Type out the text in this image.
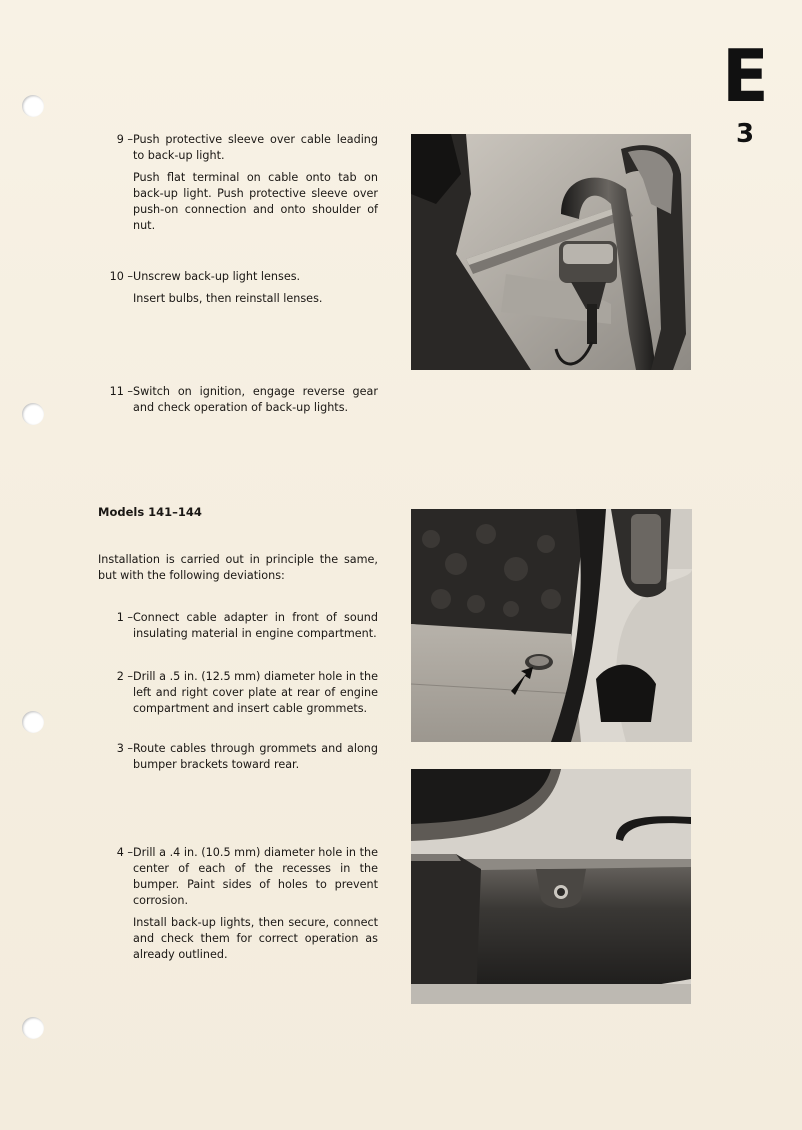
E
3
9 – Push protective sleeve over cable leading to back-up light.
Push flat terminal on cable onto tab on back-up light. Push protective sleeve over push-on connection and onto shoulder of nut.
10 – Unscrew back-up light lenses.
Insert bulbs, then reinstall lenses.
11 – Switch on ignition, engage reverse gear and check operation of back-up lights.
Models 141–144
Installation is carried out in principle the same, but with the following deviations:
1 – Connect cable adapter in front of sound insulating material in engine compartment.
2 – Drill a .5 in. (12.5 mm) diameter hole in the left and right cover plate at rear of engine compartment and insert cable grommets.
3 – Route cables through grommets and along bumper brackets toward rear.
4 – Drill a .4 in. (10.5 mm) diameter hole in the center of each of the recesses in the bumper. Paint sides of holes to prevent corrosion.
Install back-up lights, then secure, connect and check them for correct operation as already outlined.
